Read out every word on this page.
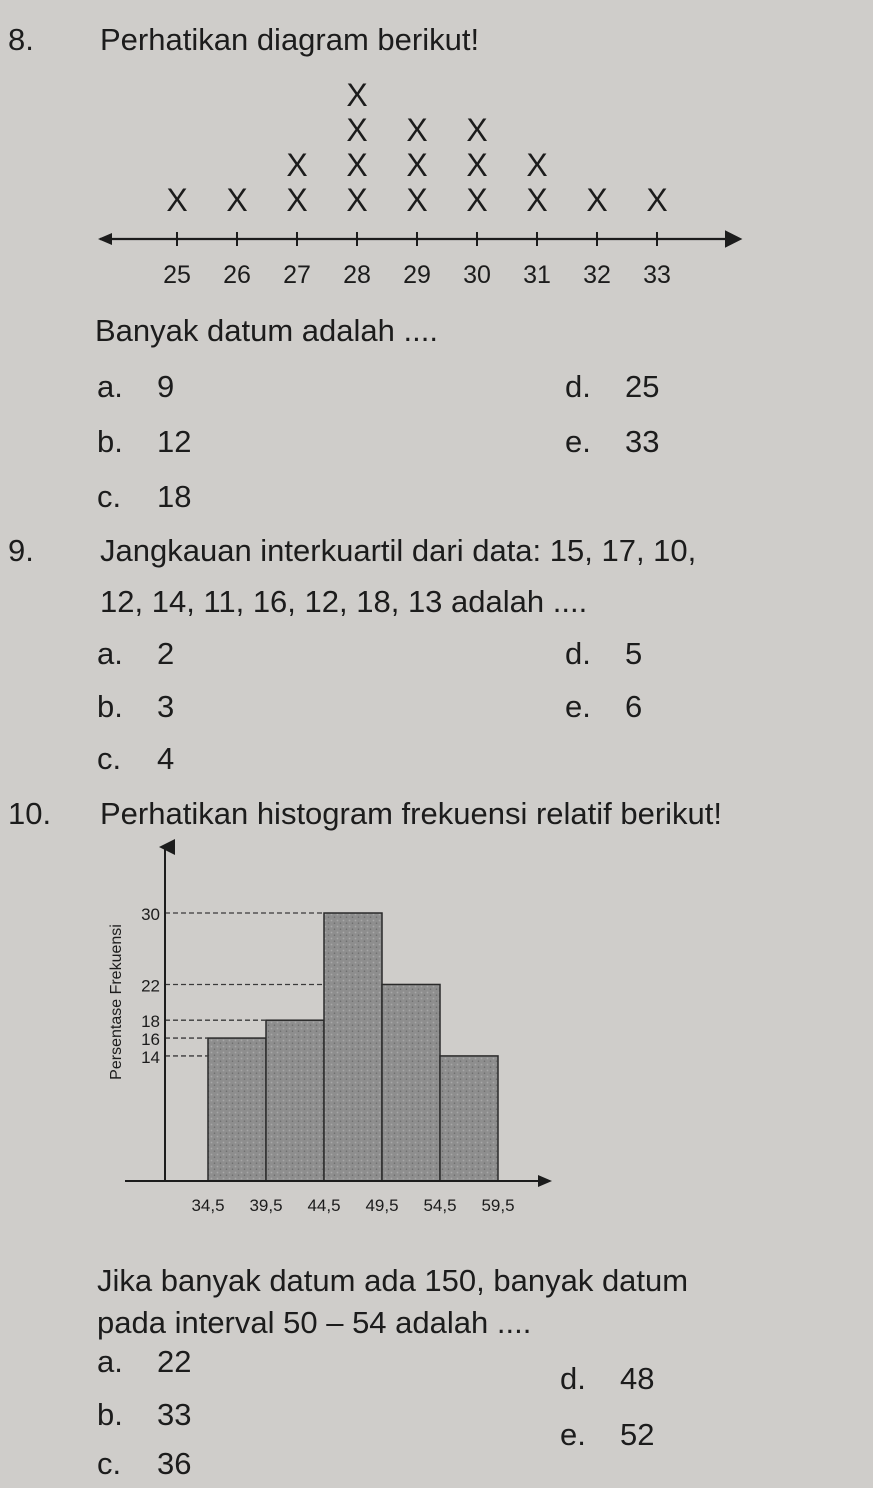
8. Perhatikan diagram berikut!
25 26 27 28 29 30 31 32 33
X X X
X
X
X
X
X
X
X
X
X
X
X
X
X
X X
Banyak datum adalah ....
a. 9
b. 12
c. 18
d. 25
e. 33
9. Jangkauan interkuartil dari data: 15, 17, 10,
12, 14, 11, 16, 12, 18, 13 adalah ....
a. 2
b. 3
c. 4
d. 5
e. 6
10. Perhatikan histogram frekuensi relatif berikut!
30
22
18
16
14
34,5 39,5 44,5 49,5 54,5 59,5
Persentase Frekuensi
Jika banyak datum ada 150, banyak datum
pada interval 50 – 54 adalah ....
a. 22
b. 33
c. 36
d. 48
e. 52
